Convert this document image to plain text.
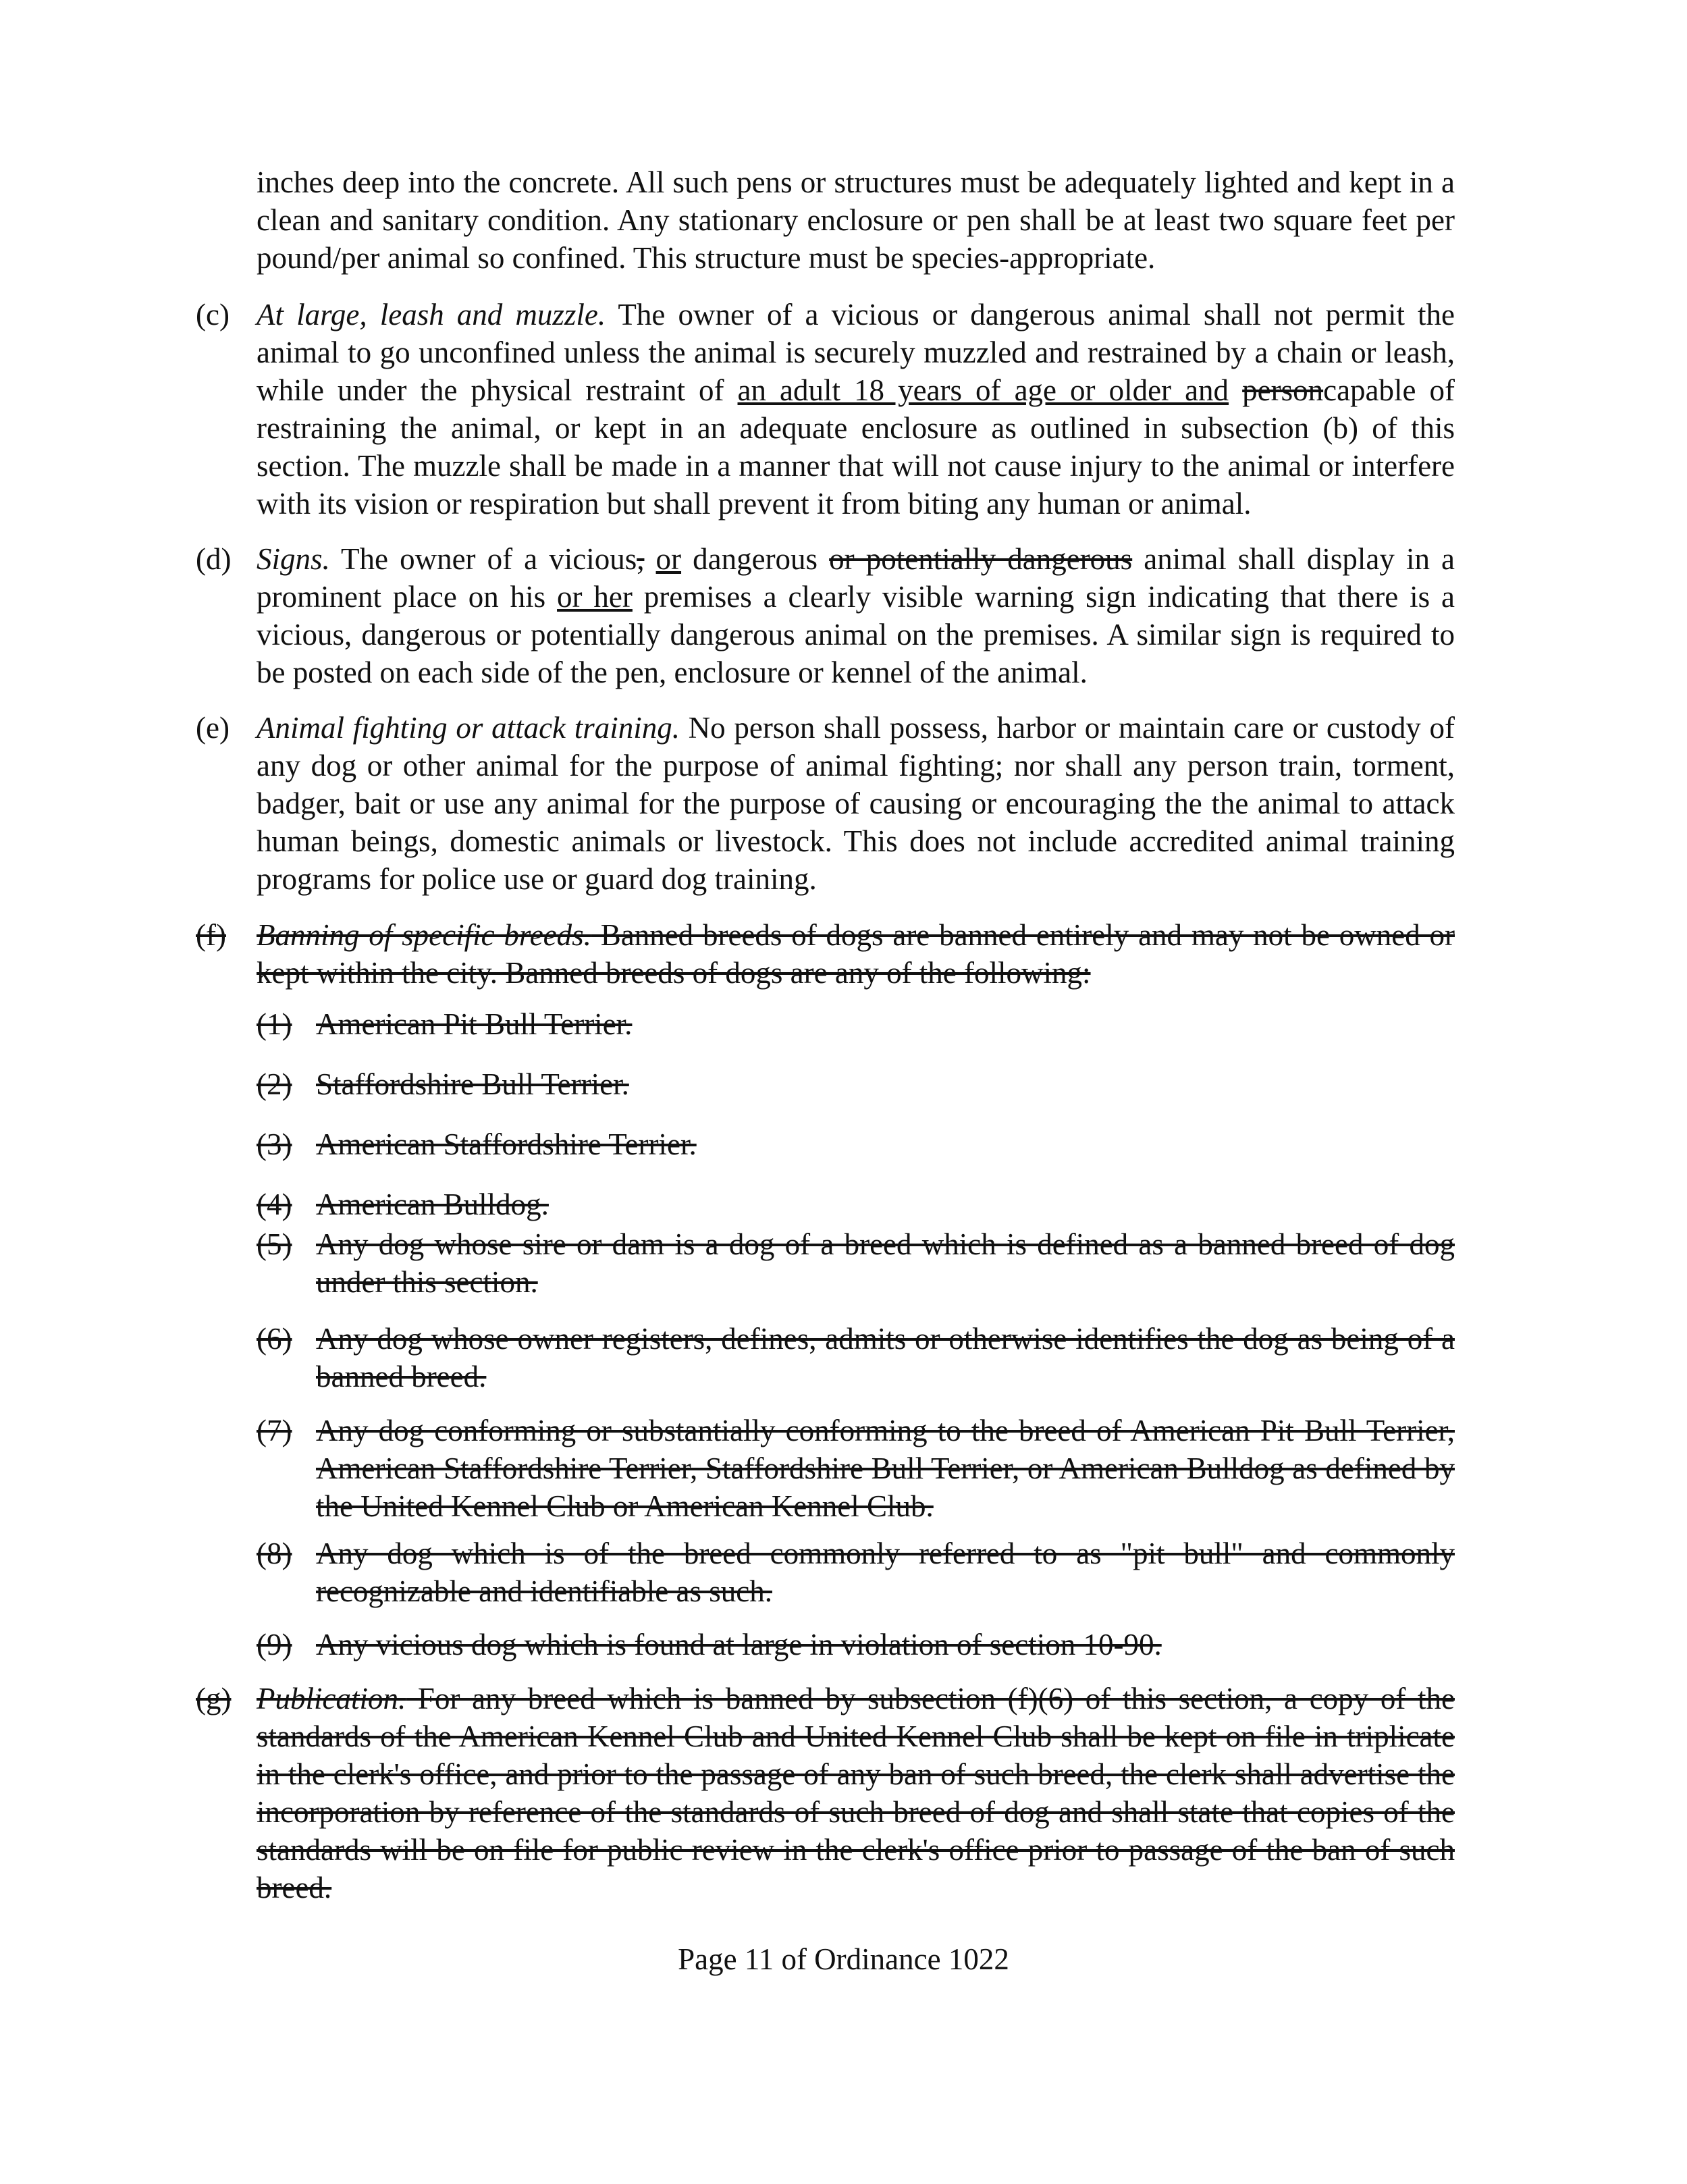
inches deep into the concrete. All such pens or structures must be adequately lighted and kept in a clean and sanitary condition. Any stationary enclosure or pen shall be at least two square feet per pound/per animal so confined. This structure must be species-appropriate.
(c) At large, leash and muzzle. The owner of a vicious or dangerous animal shall not permit the animal to go unconfined unless the animal is securely muzzled and restrained by a chain or leash, while under the physical restraint of an adult 18 years of age or older and personcapable of restraining the animal, or kept in an adequate enclosure as outlined in subsection (b) of this section. The muzzle shall be made in a manner that will not cause injury to the animal or interfere with its vision or respiration but shall prevent it from biting any human or animal.
(d) Signs. The owner of a vicious, or dangerous or potentially dangerous animal shall display in a prominent place on his or her premises a clearly visible warning sign indicating that there is a vicious, dangerous or potentially dangerous animal on the premises. A similar sign is required to be posted on each side of the pen, enclosure or kennel of the animal.
(e) Animal fighting or attack training. No person shall possess, harbor or maintain care or custody of any dog or other animal for the purpose of animal fighting; nor shall any person train, torment, badger, bait or use any animal for the purpose of causing or encouraging the the animal to attack human beings, domestic animals or livestock. This does not include accredited animal training programs for police use or guard dog training.
(f) Banning of specific breeds. Banned breeds of dogs are banned entirely and may not be owned or kept within the city. Banned breeds of dogs are any of the following:
(1) American Pit Bull Terrier.
(2) Staffordshire Bull Terrier.
(3) American Staffordshire Terrier.
(4) American Bulldog.
(5) Any dog whose sire or dam is a dog of a breed which is defined as a banned breed of dog under this section.
(6) Any dog whose owner registers, defines, admits or otherwise identifies the dog as being of a banned breed.
(7) Any dog conforming or substantially conforming to the breed of American Pit Bull Terrier, American Staffordshire Terrier, Staffordshire Bull Terrier, or American Bulldog as defined by the United Kennel Club or American Kennel Club.
(8) Any dog which is of the breed commonly referred to as "pit bull" and commonly recognizable and identifiable as such.
(9) Any vicious dog which is found at large in violation of section 10-90.
(g) Publication. For any breed which is banned by subsection (f)(6) of this section, a copy of the standards of the American Kennel Club and United Kennel Club shall be kept on file in triplicate in the clerk's office, and prior to the passage of any ban of such breed, the clerk shall advertise the incorporation by reference of the standards of such breed of dog and shall state that copies of the standards will be on file for public review in the clerk's office prior to passage of the ban of such breed.
Page 11 of Ordinance 1022
